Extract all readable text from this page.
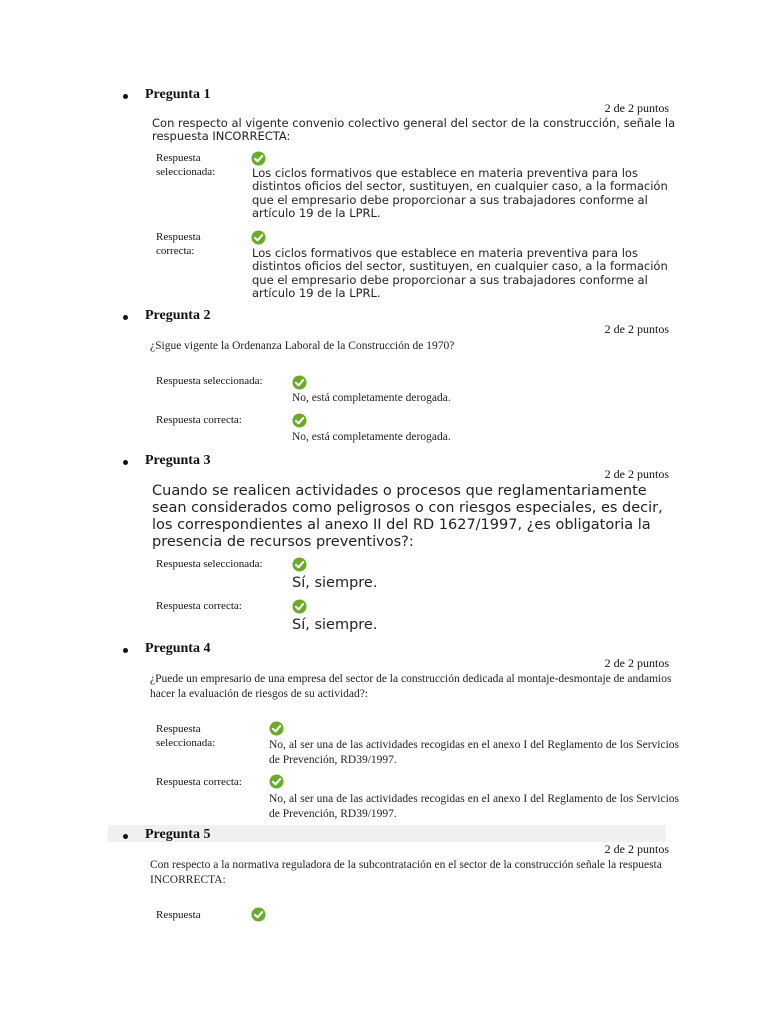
Pregunta 1
2 de 2 puntos
Con respecto al vigente convenio colectivo general del sector de la construcción, señale la respuesta INCORRECTA:
Respuesta seleccionada:	Los ciclos formativos que establece en materia preventiva para los distintos oficios del sector, sustituyen, en cualquier caso, a la formación que el empresario debe proporcionar a sus trabajadores conforme al artículo 19 de la LPRL.
Respuesta correcta:	Los ciclos formativos que establece en materia preventiva para los distintos oficios del sector, sustituyen, en cualquier caso, a la formación que el empresario debe proporcionar a sus trabajadores conforme al artículo 19 de la LPRL.
Pregunta 2
2 de 2 puntos
¿Sigue vigente la Ordenanza Laboral de la Construcción de 1970?
Respuesta seleccionada:
No, está completamente derogada.
Respuesta correcta:
No, está completamente derogada.
Pregunta 3
2 de 2 puntos
Cuando se realicen actividades o procesos que reglamentariamente sean considerados como peligrosos o con riesgos especiales, es decir, los correspondientes al anexo II del RD 1627/1997, ¿es obligatoria la presencia de recursos preventivos?:
Respuesta seleccionada:
Sí, siempre.
Respuesta correcta:
Sí, siempre.
Pregunta 4
2 de 2 puntos
¿Puede un empresario de una empresa del sector de la construcción dedicada al montaje-desmontaje de andamios hacer la evaluación de riesgos de su actividad?:
Respuesta seleccionada:	No, al ser una de las actividades recogidas en el anexo I del Reglamento de los Servicios de Prevención, RD39/1997.
Respuesta correcta:
No, al ser una de las actividades recogidas en el anexo I del Reglamento de los Servicios de Prevención, RD39/1997.
Pregunta 5
2 de 2 puntos
Con respecto a la normativa reguladora de la subcontratación en el sector de la construcción señale la respuesta INCORRECTA:
Respuesta
